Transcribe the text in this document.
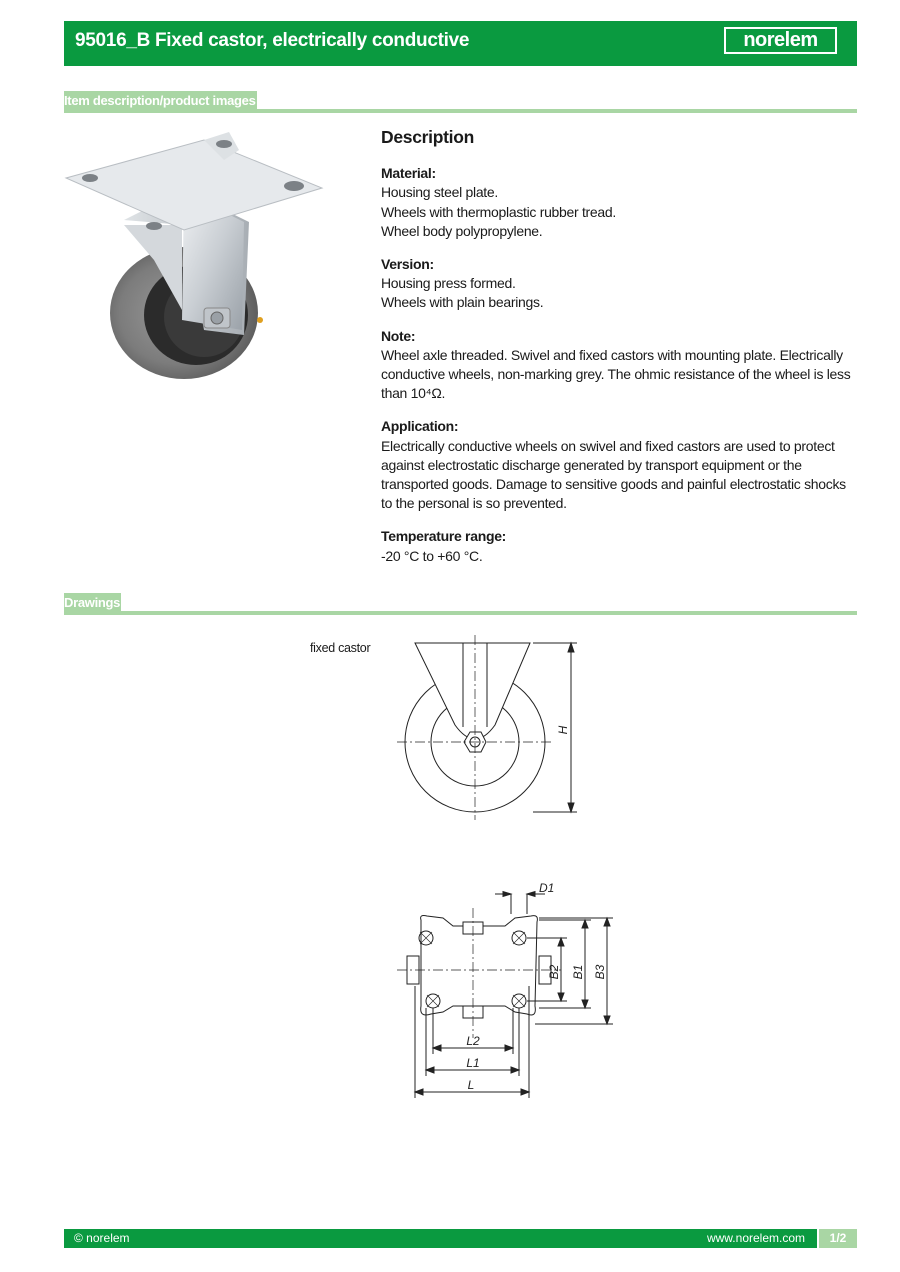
95016_B Fixed castor, electrically conductive	norelem
Item description/product images
Description
Material:

Housing steel plate.

Wheels with thermoplastic rubber tread.

Wheel body polypropylene.

Version:

Housing press formed.

Wheels with plain bearings.

Note:

Wheel axle threaded. Swivel and fixed castors with mounting plate. Electrically conductive wheels, non-marking grey. The ohmic resistance of the wheel is less than 10⁴Ω.

Application:

Electrically conductive wheels on swivel and fixed castors are used to protect against electrostatic discharge generated by transport equipment or the transported goods. Damage to sensitive goods and painful electrostatic shocks to the personal is so prevented.

Temperature range:

-20 °C to +60 °C.

Drawings
fixed castor
H
D1
B2 B1 B3
L2
L1
L
© norelem	www.norelem.com	1/2
